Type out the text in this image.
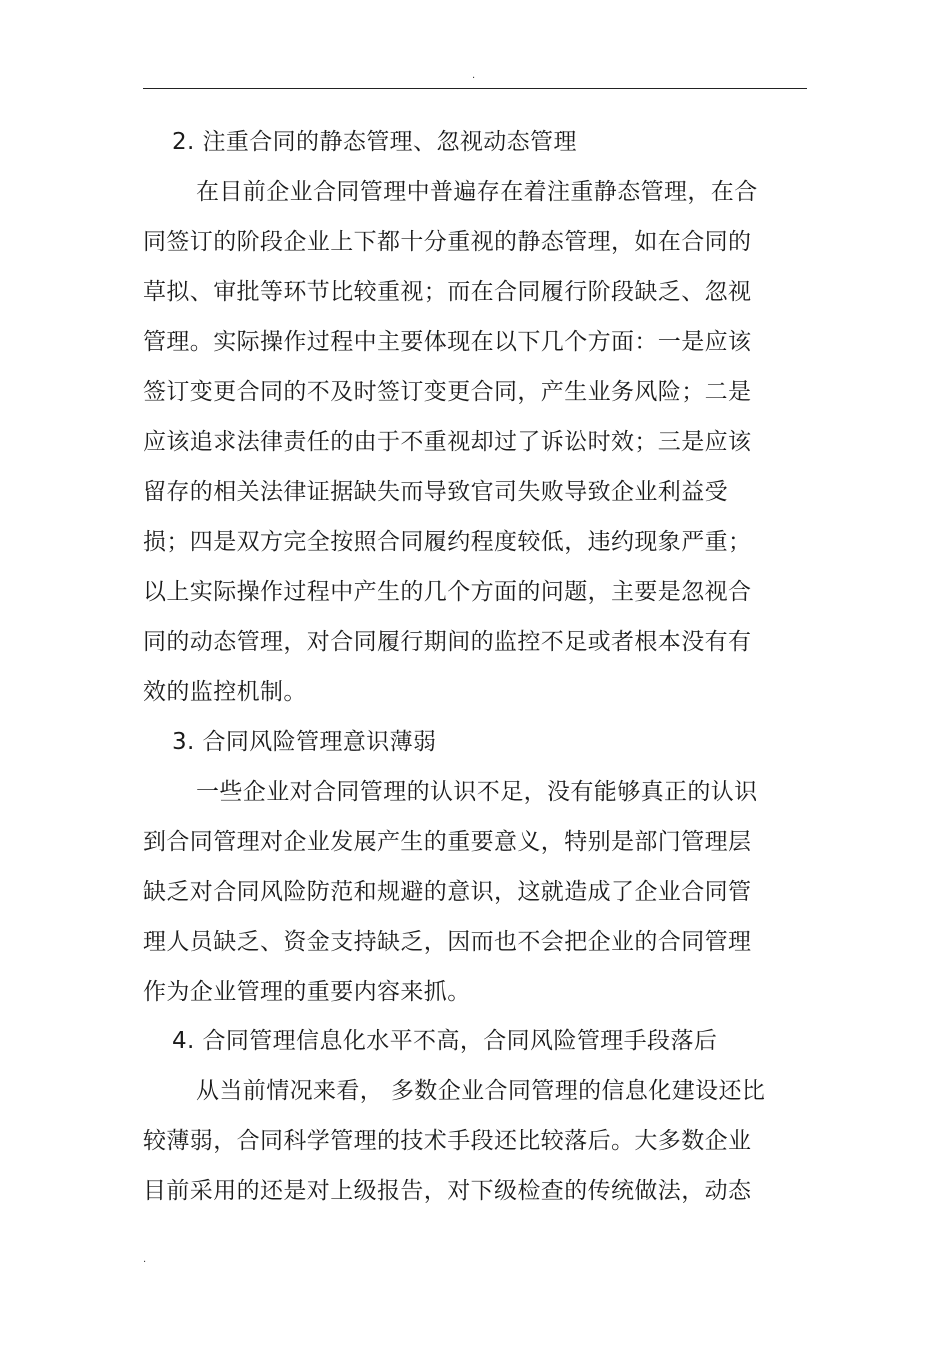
.
2. 注重合同的静态管理、忽视动态管理
在目前企业合同管理中普遍存在着注重静态管理，在合
同签订的阶段企业上下都十分重视的静态管理，如在合同的
草拟、审批等环节比较重视；而在合同履行阶段缺乏、忽视
管理。实际操作过程中主要体现在以下几个方面：一是应该
签订变更合同的不及时签订变更合同，产生业务风险；二是
应该追求法律责任的由于不重视却过了诉讼时效；三是应该
留存的相关法律证据缺失而导致官司失败导致企业利益受
损；四是双方完全按照合同履约程度较低，违约现象严重；
以上实际操作过程中产生的几个方面的问题，主要是忽视合
同的动态管理，对合同履行期间的监控不足或者根本没有有
效的监控机制。
3. 合同风险管理意识薄弱
一些企业对合同管理的认识不足，没有能够真正的认识
到合同管理对企业发展产生的重要意义，特别是部门管理层
缺乏对合同风险防范和规避的意识，这就造成了企业合同管
理人员缺乏、资金支持缺乏，因而也不会把企业的合同管理
作为企业管理的重要内容来抓。
4. 合同管理信息化水平不高，合同风险管理手段落后
从当前情况来看， 多数企业合同管理的信息化建设还比
较薄弱，合同科学管理的技术手段还比较落后。大多数企业
目前采用的还是对上级报告，对下级检查的传统做法，动态
.
